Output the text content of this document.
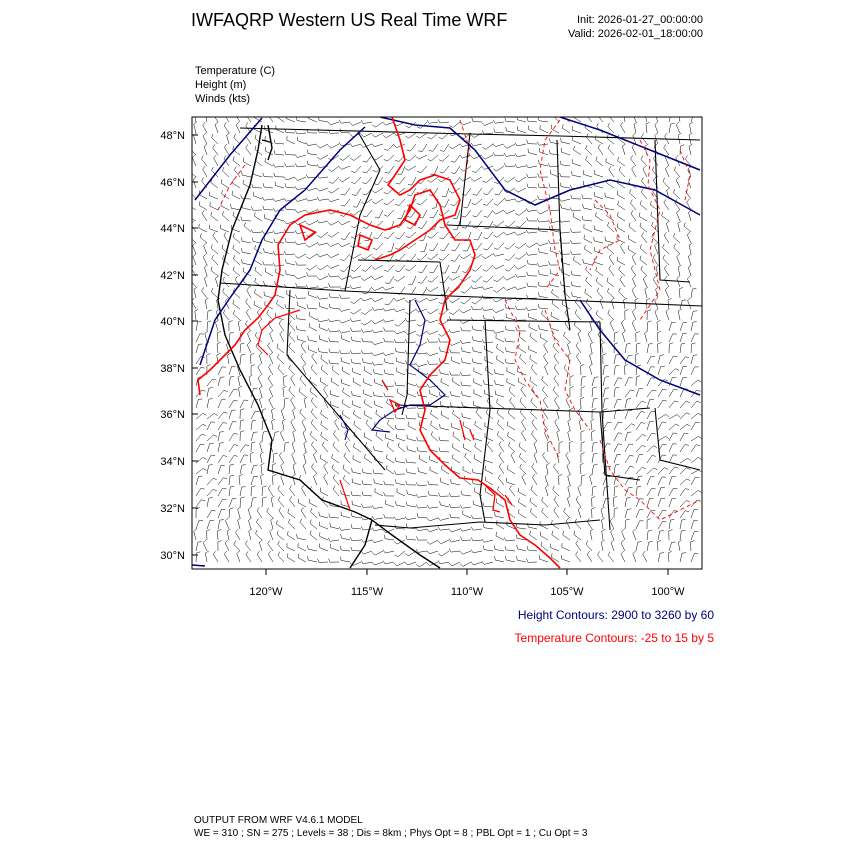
IWFAQRP Western US Real Time WRF	Init: 2026-01-27_00:00:00
Valid: 2026-02-01_18:00:00
Temperature (C)
Height (m)
Winds (kts)
48°N
46°N
44°N
42°N
40°N
38°N
36°N
34°N
32°N
30°N
120°W	115°W	110°W	105°W	100°W
Height Contours: 2900 to 3260 by 60
Temperature Contours: -25 to 15 by 5
OUTPUT FROM WRF V4.6.1 MODEL
WE = 310 ; SN = 275 ; Levels = 38 ; Dis = 8km ; Phys Opt = 8 ; PBL Opt = 1 ; Cu Opt = 3
